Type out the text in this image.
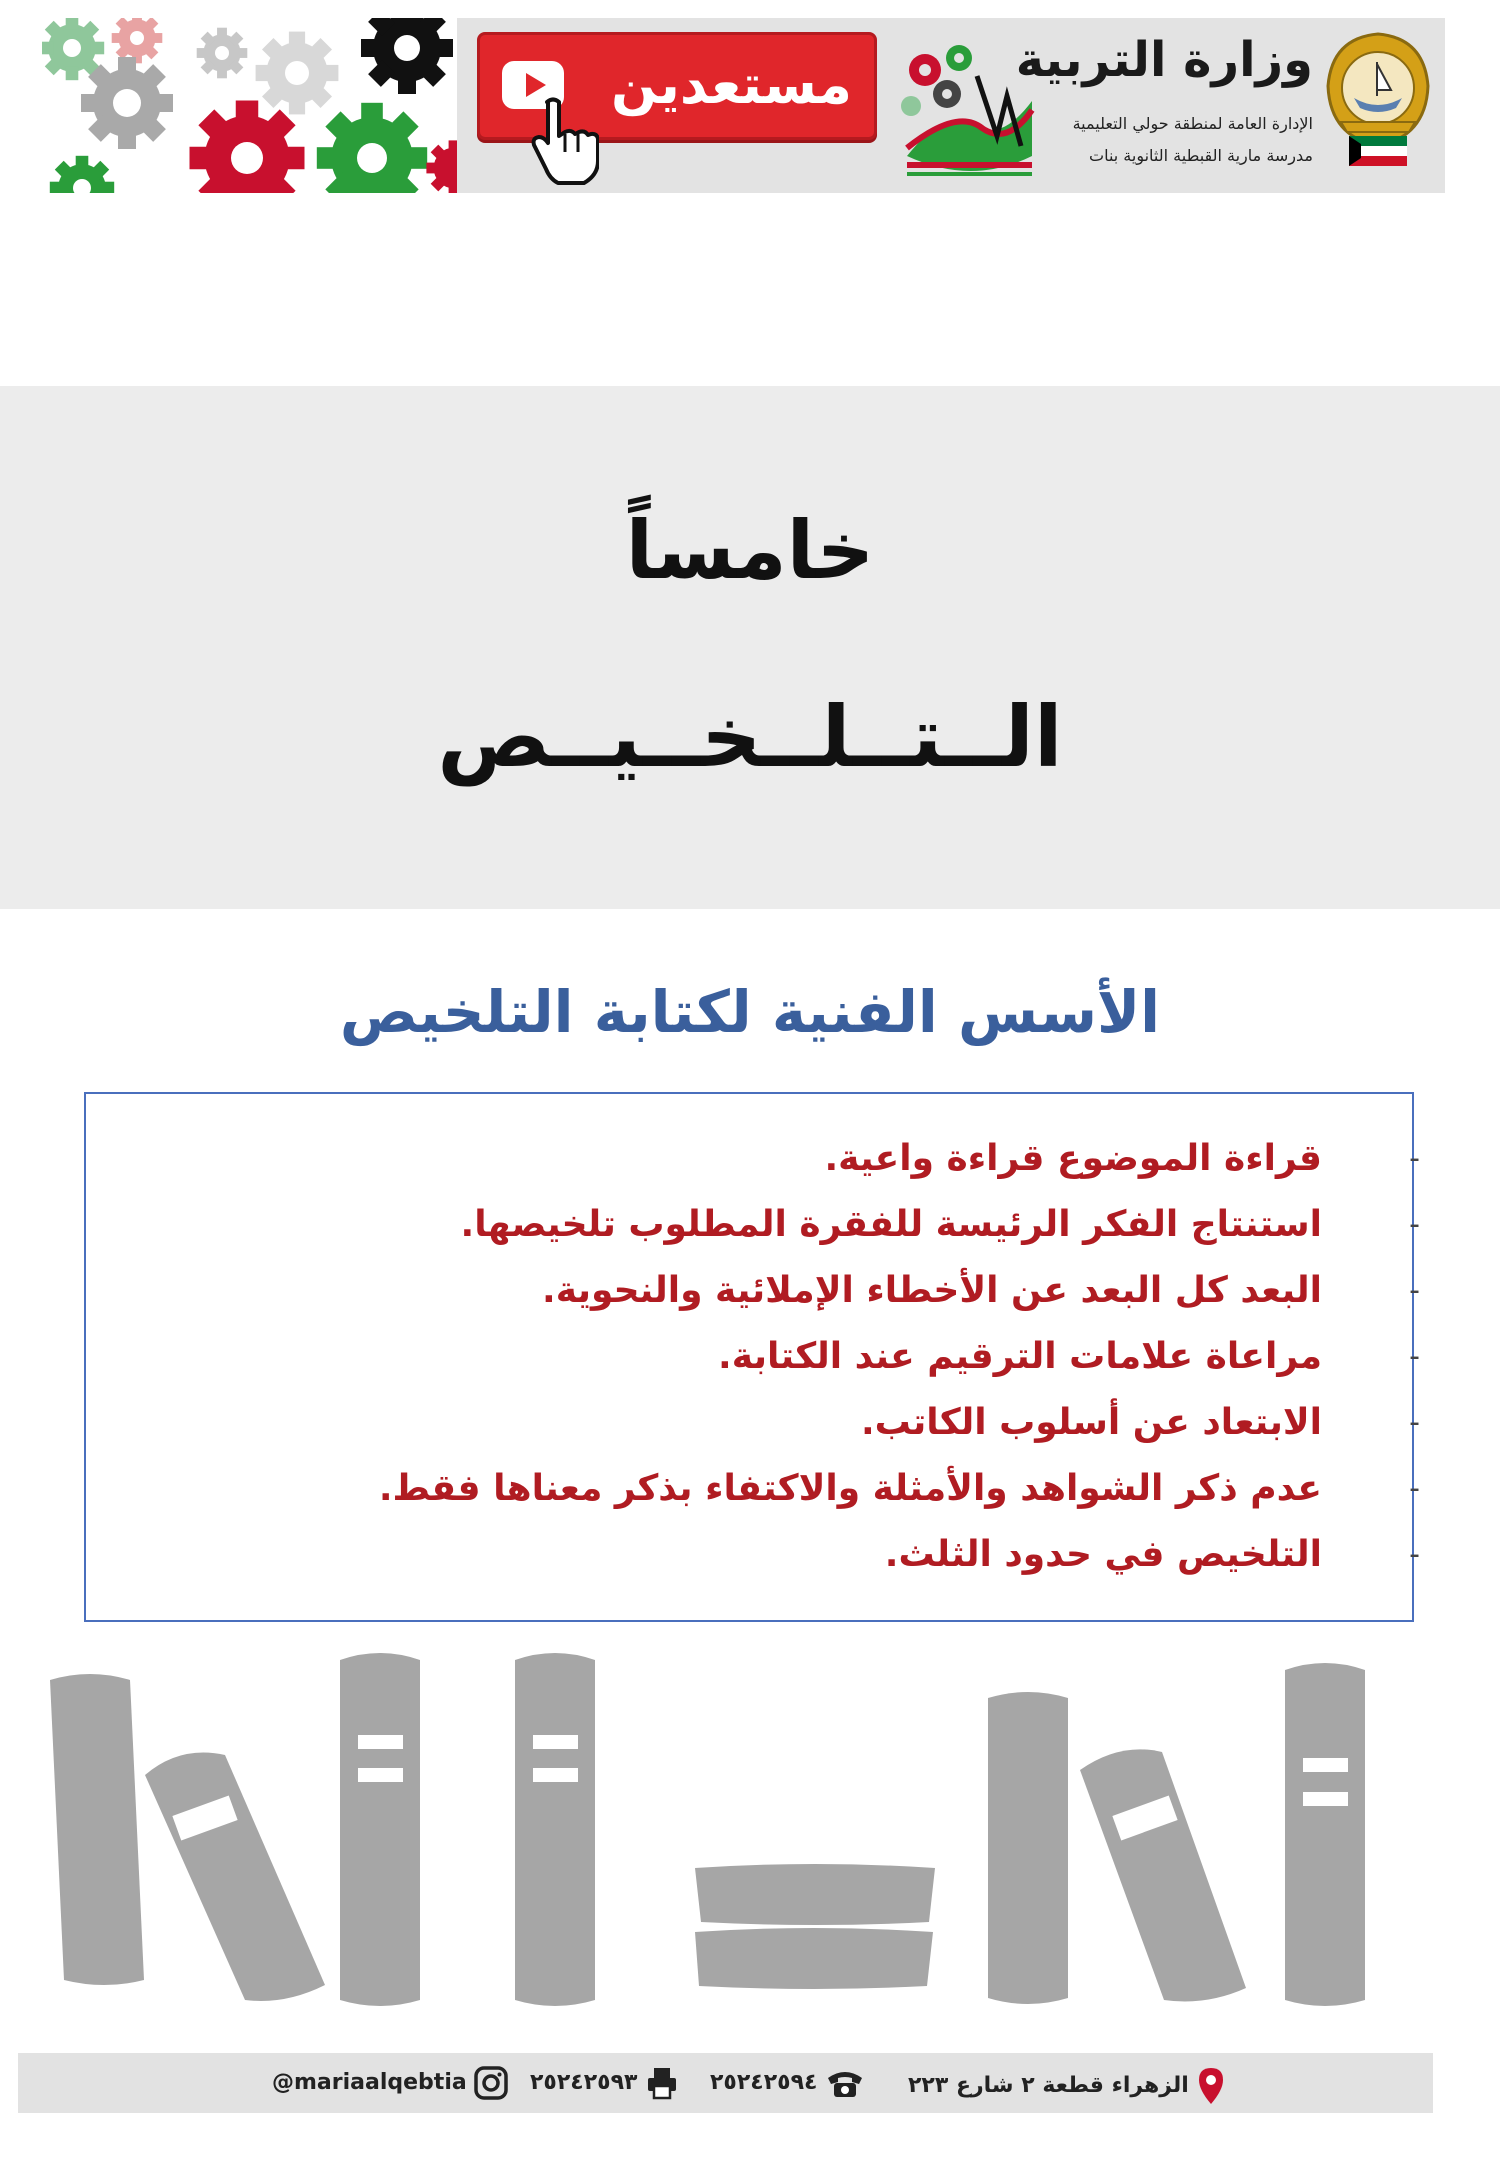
مستعدين	وزارة التربية
الإدارة العامة لمنطقة حولي التعليمية
مدرسة مارية القبطية الثانوية بنات
خامساً
الــتــلــخــيــص
الأسس الفنية لكتابة التلخيص
-
قراءة الموضوع قراءة واعية.
-
استنتاج الفكر الرئيسة للفقرة المطلوب تلخيصها.
-
البعد كل البعد عن الأخطاء الإملائية والنحوية.
-
مراعاة علامات الترقيم عند الكتابة.
-
الابتعاد عن أسلوب الكاتب.
-
عدم ذكر الشواهد والأمثلة والاكتفاء بذكر معناها فقط.
-
التلخيص في حدود الثلث.
@mariaalqebtia	٢٥٢٤٢٥٩٣	٢٥٢٤٢٥٩٤	الزهراء قطعة ٢ شارع ٢٢٣
